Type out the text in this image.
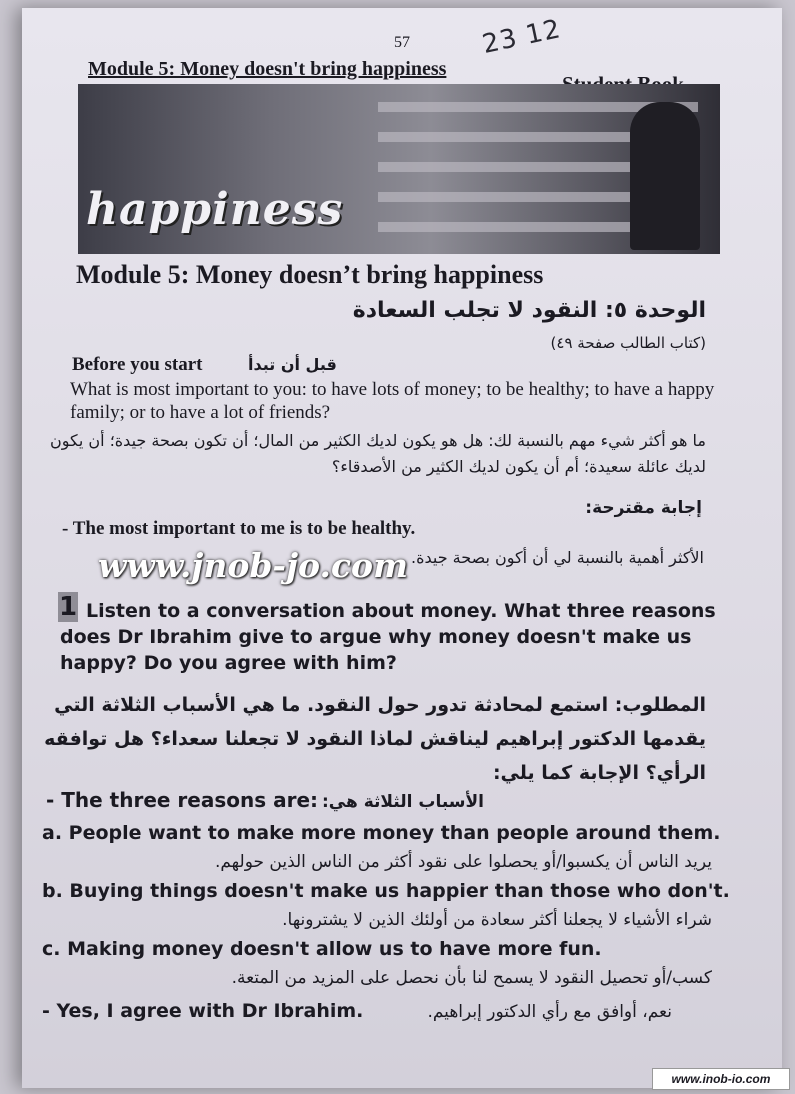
57	23 12
Module 5: Money doesn't bring happiness
happiness
Module 5: Money doesn’t bring happiness
الوحدة ٥: النقود لا تجلب السعادة
(كتاب الطالب صفحة ٤٩)
Before you start	قبل أن تبدأ
What is most important to you: to have lots of money; to be healthy; to have a happy family; or to have a lot of friends?
ما هو أكثر شيء مهم بالنسبة لك: هل هو يكون لديك الكثير من المال؛ أن تكون بصحة جيدة؛ أن يكون لديك عائلة سعيدة؛ أم أن يكون لديك الكثير من الأصدقاء؟
إجابة مقترحة:
- The most important to me is to be healthy.
الأكثر أهمية بالنسبة لي أن أكون بصحة جيدة.
www.jnob-jo.com
1 Listen to a conversation about money. What three reasons does Dr Ibrahim give to argue why money doesn't make us happy? Do you agree with him?
المطلوب: استمع لمحادثة تدور حول النقود. ما هي الأسباب الثلاثة التي يقدمها الدكتور إبراهيم ليناقش لماذا النقود لا تجعلنا سعداء؟ هل توافقه الرأي؟ الإجابة كما يلي:
- The three reasons are: الأسباب الثلاثة هي:
a. People want to make more money than people around them.
يريد الناس أن يكسبوا/أو يحصلوا على نقود أكثر من الناس الذين حولهم.
b. Buying things doesn't make us happier than those who don't.
شراء الأشياء لا يجعلنا أكثر سعادة من أولئك الذين لا يشترونها.
c. Making money doesn't allow us to have more fun.
كسب/أو تحصيل النقود لا يسمح لنا بأن نحصل على المزيد من المتعة.
- Yes, I agree with Dr Ibrahim.	نعم، أوافق مع رأي الدكتور إبراهيم.
www.inob-io.com
